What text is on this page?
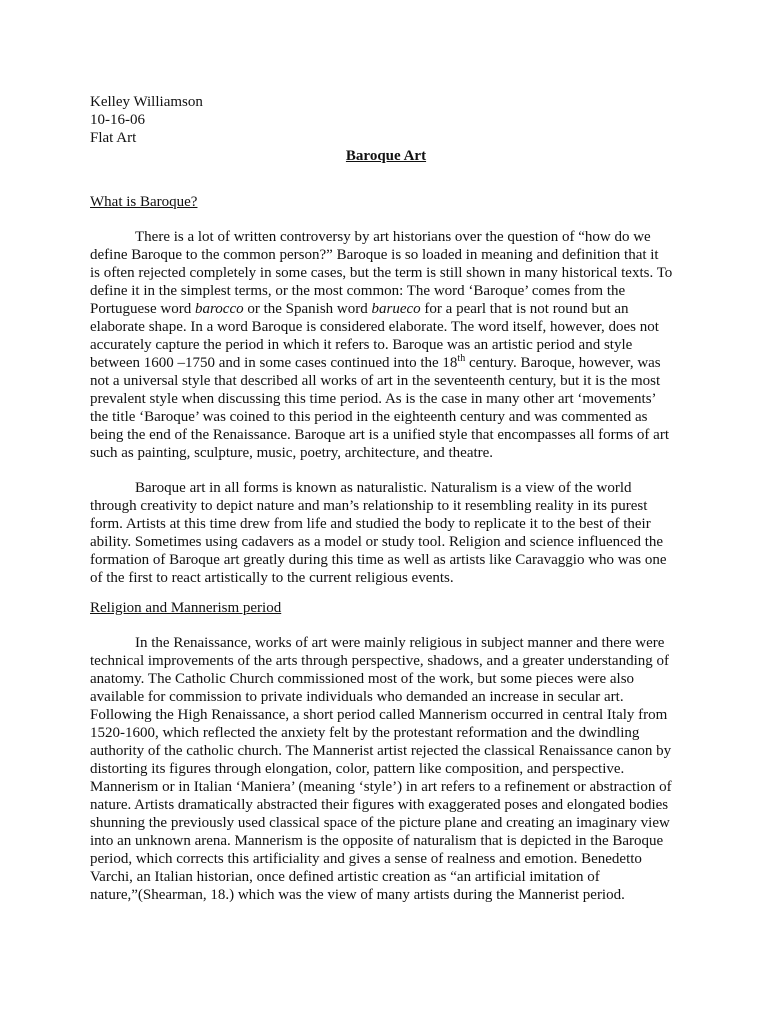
Kelley Williamson
10-16-06
Flat Art
Baroque Art
What is Baroque?
There is a lot of written controversy by art historians over the question of “how do we
define Baroque to the common person?” Baroque is so loaded in meaning and definition that it
is often rejected completely in some cases, but the term is still shown in many historical texts. To
define it in the simplest terms, or the most common: The word ‘Baroque’ comes from the
Portuguese word barocco or the Spanish word barueco for a pearl that is not round but an
elaborate shape. In a word Baroque is considered elaborate. The word itself, however, does not
accurately capture the period in which it refers to. Baroque was an artistic period and style
between 1600 –1750 and in some cases continued into the 18th century. Baroque, however, was
not a universal style that described all works of art in the seventeenth century, but it is the most
prevalent style when discussing this time period. As is the case in many other art ‘movements’
the title ‘Baroque’ was coined to this period in the eighteenth century and was commented as
being the end of the Renaissance. Baroque art is a unified style that encompasses all forms of art
such as painting, sculpture, music, poetry, architecture, and theatre.
Baroque art in all forms is known as naturalistic. Naturalism is a view of the world
through creativity to depict nature and man’s relationship to it resembling reality in its purest
form. Artists at this time drew from life and studied the body to replicate it to the best of their
ability. Sometimes using cadavers as a model or study tool. Religion and science influenced the
formation of Baroque art greatly during this time as well as artists like Caravaggio who was one
of the first to react artistically to the current religious events.
Religion and Mannerism period
In the Renaissance, works of art were mainly religious in subject manner and there were
technical improvements of the arts through perspective, shadows, and a greater understanding of
anatomy. The Catholic Church commissioned most of the work, but some pieces were also
available for commission to private individuals who demanded an increase in secular art.
Following the High Renaissance, a short period called Mannerism occurred in central Italy from
1520-1600, which reflected the anxiety felt by the protestant reformation and the dwindling
authority of the catholic church. The Mannerist artist rejected the classical Renaissance canon by
distorting its figures through elongation, color, pattern like composition, and perspective.
Mannerism or in Italian ‘Maniera’ (meaning ‘style’) in art refers to a refinement or abstraction of
nature. Artists dramatically abstracted their figures with exaggerated poses and elongated bodies
shunning the previously used classical space of the picture plane and creating an imaginary view
into an unknown arena. Mannerism is the opposite of naturalism that is depicted in the Baroque
period, which corrects this artificiality and gives a sense of realness and emotion. Benedetto
Varchi, an Italian historian, once defined artistic creation as “an artificial imitation of
nature,”(Shearman, 18.) which was the view of many artists during the Mannerist period.
